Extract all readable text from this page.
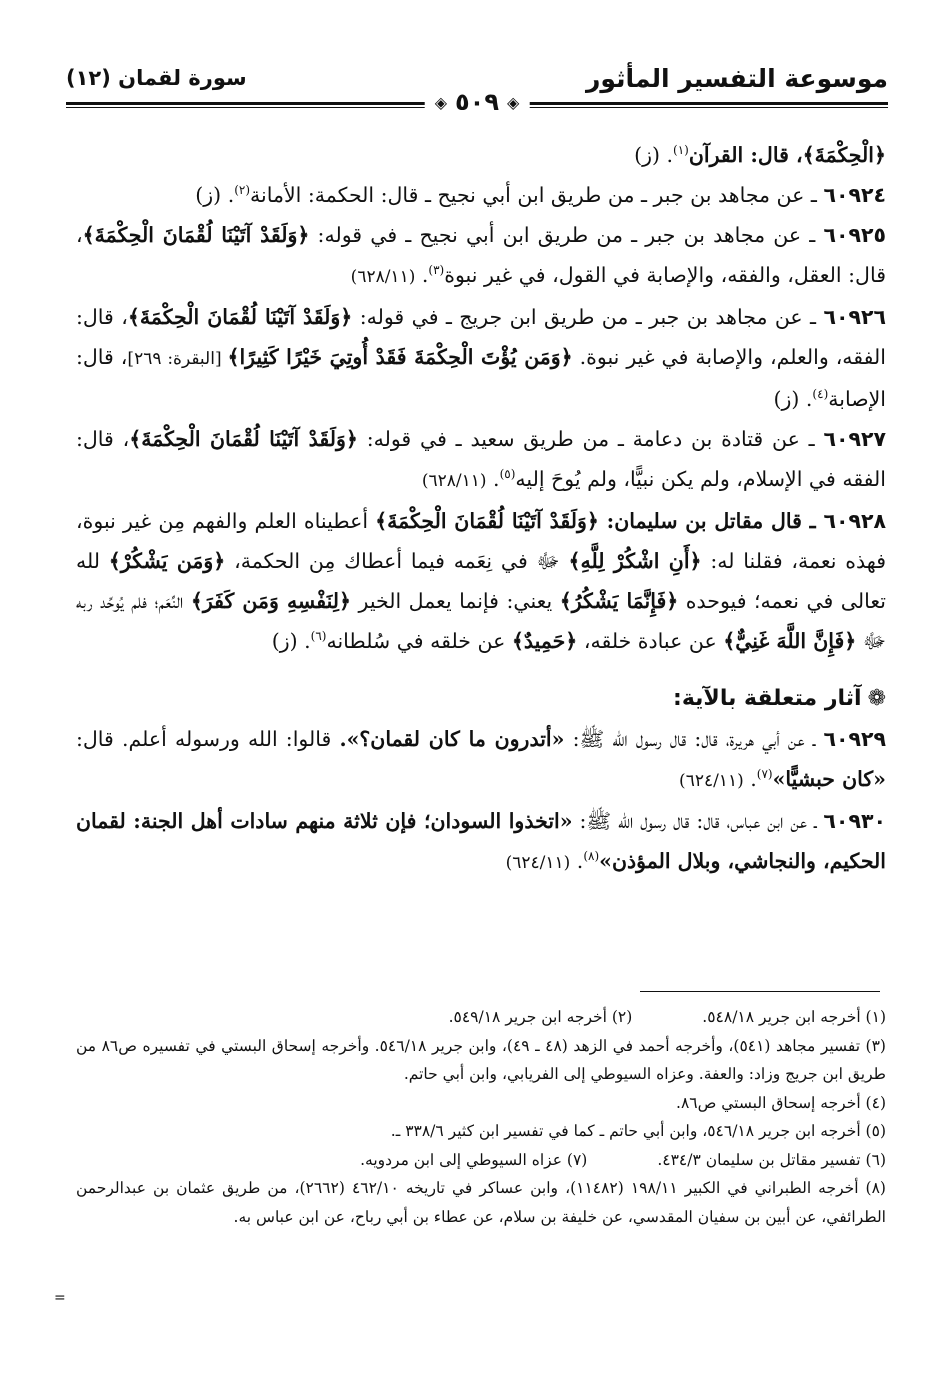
موسوعة التفسير المأثور
سورة لقمان (١٢)
◈ ٥٠٩ ◈

﴿الْحِكْمَةَ﴾، قال: القرآن$^{(١)}$. (ز)

٦٠٩٢٤ ـ عن مجاهد بن جبر ـ من طريق ابن أبي نجيح ـ قال: الحكمة: الأمانة$^{(٢)}$. (ز)

٦٠٩٢٥ ـ عن مجاهد بن جبر ـ من طريق ابن أبي نجيح ـ في قوله: ﴿وَلَقَدْ آتَيْنَا لُقْمَانَ الْحِكْمَةَ﴾، قال: العقل، والفقه، والإصابة في القول، في غير نبوة$^{(٣)}$. (٦٢٨/١١)

٦٠٩٢٦ ـ عن مجاهد بن جبر ـ من طريق ابن جريج ـ في قوله: ﴿وَلَقَدْ آتَيْنَا لُقْمَانَ الْحِكْمَةَ﴾، قال: الفقه، والعلم، والإصابة في غير نبوة. ﴿وَمَن يُؤْتَ الْحِكْمَةَ فَقَدْ أُوتِيَ خَيْرًا كَثِيرًا﴾ [البقرة: ٢٦٩]، قال: الإصابة$^{(٤)}$. (ز)

٦٠٩٢٧ ـ عن قتادة بن دعامة ـ من طريق سعيد ـ في قوله: ﴿وَلَقَدْ آتَيْنَا لُقْمَانَ الْحِكْمَةَ﴾، قال: الفقه في الإسلام، ولم يكن نبيًّا، ولم يُوحَ إليه$^{(٥)}$. (٦٢٨/١١)

٦٠٩٢٨ ـ قال مقاتل بن سليمان: ﴿وَلَقَدْ آتَيْنَا لُقْمَانَ الْحِكْمَةَ﴾ أعطيناه العلم والفهم مِن غير نبوة، فهذه نعمة، فقلنا له: ﴿أَنِ اشْكُرْ لِلَّهِ﴾ ﷻ في نِعَمه فيما أعطاك مِن الحكمة، ﴿وَمَن يَشْكُرْ﴾ لله تعالى في نعمه؛ فيوحده ﴿فَإِنَّمَا يَشْكُرُ﴾ يعني: فإنما يعمل الخير ﴿لِنَفْسِهِ وَمَن كَفَرَ﴾ النِّعَم؛ فلم يُوحِّد ربه ﷻ ﴿فَإِنَّ اللَّهَ غَنِيٌّ﴾ عن عبادة خلقه، ﴿حَمِيدٌ﴾ عن خلقه في سُلطانه$^{(٦)}$. (ز)

❁آثار متعلقة بالآية:

٦٠٩٢٩ ـ عن أبي هريرة، قال: قال رسول الله ﷺ: «أتدرون ما كان لقمان؟». قالوا: الله ورسوله أعلم. قال: «كان حبشيًّا»$^{(٧)}$. (٦٢٤/١١)

٦٠٩٣٠ ـ عن ابن عباس، قال: قال رسول الله ﷺ: «اتخذوا السودان؛ فإن ثلاثة منهم سادات أهل الجنة: لقمان الحكيم، والنجاشي، وبلال المؤذن»$^{(٨)}$. (٦٢٤/١١)

(١) أخرجه ابن جرير ٥٤٨/١٨.
(٢) أخرجه ابن جرير ٥٤٩/١٨.

(٣) تفسير مجاهد (٥٤١)، وأخرجه أحمد في الزهد (٤٨ ـ ٤٩)، وابن جرير ٥٤٦/١٨. وأخرجه إسحاق البستي في تفسيره ص٨٦ من طريق ابن جريج وزاد: والعفة. وعزاه السيوطي إلى الفريابي، وابن أبي حاتم.

(٤) أخرجه إسحاق البستي ص٨٦.

(٥) أخرجه ابن جرير ٥٤٦/١٨، وابن أبي حاتم ـ كما في تفسير ابن كثير ٣٣٨/٦ ـ.

(٦) تفسير مقاتل بن سليمان ٤٣٤/٣.
(٧) عزاه السيوطي إلى ابن مردويه.

(٨) أخرجه الطبراني في الكبير ١٩٨/١١ (١١٤٨٢)، وابن عساكر في تاريخه ٤٦٢/١٠ (٢٦٦٢)، من طريق عثمان بن عبدالرحمن الطرائفي، عن أبين بن سفيان المقدسي، عن خليفة بن سلام، عن عطاء بن أبي رباح، عن ابن عباس به.

=
